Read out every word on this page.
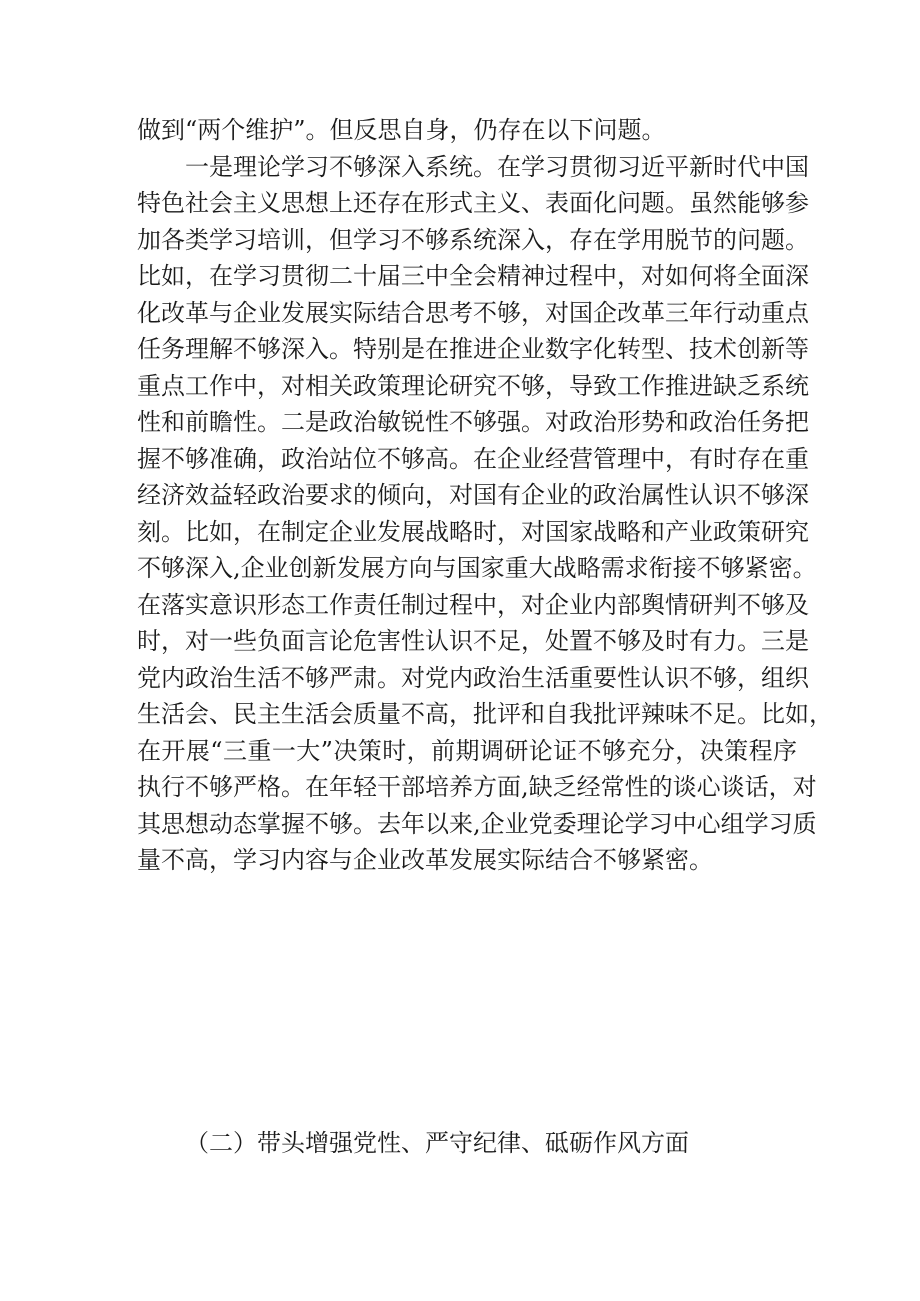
做到“两个维护”。但反思自身，仍存在以下问题。
一是理论学习不够深入系统。在学习贯彻习近平新时代中国
特色社会主义思想上还存在形式主义、表面化问题。虽然能够参
加各类学习培训，但学习不够系统深入，存在学用脱节的问题。
比如，在学习贯彻二十届三中全会精神过程中，对如何将全面深
化改革与企业发展实际结合思考不够，对国企改革三年行动重点
任务理解不够深入。特别是在推进企业数字化转型、技术创新等
重点工作中，对相关政策理论研究不够，导致工作推进缺乏系统
性和前瞻性。二是政治敏锐性不够强。对政治形势和政治任务把
握不够准确，政治站位不够高。在企业经营管理中，有时存在重
经济效益轻政治要求的倾向，对国有企业的政治属性认识不够深
刻。比如，在制定企业发展战略时，对国家战略和产业政策研究
不够深入,企业创新发展方向与国家重大战略需求衔接不够紧密。
在落实意识形态工作责任制过程中，对企业内部舆情研判不够及
时，对一些负面言论危害性认识不足，处置不够及时有力。三是
党内政治生活不够严肃。对党内政治生活重要性认识不够，组织
生活会、民主生活会质量不高，批评和自我批评辣味不足。比如，
在开展“三重一大”决策时，前期调研论证不够充分，决策程序
执行不够严格。在年轻干部培养方面,缺乏经常性的谈心谈话，对
其思想动态掌握不够。去年以来,企业党委理论学习中心组学习质
量不高，学习内容与企业改革发展实际结合不够紧密。
（二）带头增强党性、严守纪律、砥砺作风方面
